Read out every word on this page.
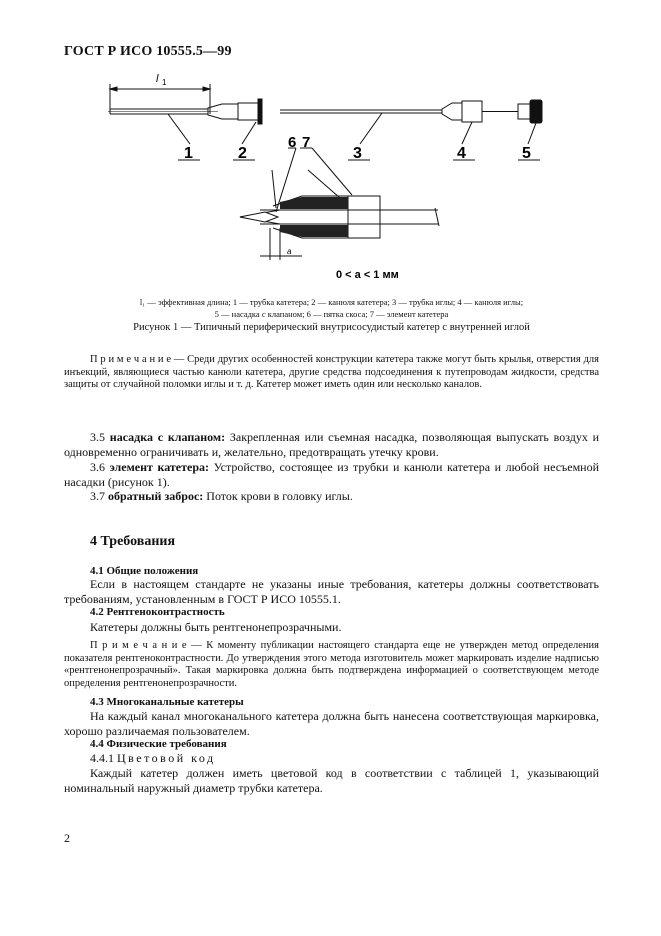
ГОСТ Р ИСО 10555.5—99
l 1
1	2	3	4	5
6 7
a
0 < a < 1 мм
l₁ — эффективная длина; 1 — трубка катетера; 2 — канюля катетера; 3 — трубка иглы; 4 — канюля иглы;
5 — насадка с клапаном; 6 — пятка скоса; 7 — элемент катетера
Рисунок 1 — Типичный периферический внутрисосудистый катетер с внутренней иглой
П р и м е ч а н и е — Среди других особенностей конструкции катетера также могут быть крылья, отверстия для инъекций, являющиеся частью канюли катетера, другие средства подсоединения к путепроводам жидкости, средства защиты от случайной поломки иглы и т. д. Катетер может иметь один или несколько каналов.
3.5 насадка с клапаном: Закрепленная или съемная насадка, позволяющая выпускать воздух и одновременно ограничивать и, желательно, предотвращать утечку крови.
3.6 элемент катетера: Устройство, состоящее из трубки и канюли катетера и любой несъемной насадки (рисунок 1).
3.7 обратный заброс: Поток крови в головку иглы.
4 Требования
4.1 Общие положения
Если в настоящем стандарте не указаны иные требования, катетеры должны соответствовать требованиям, установленным в ГОСТ Р ИСО 10555.1.
4.2 Рентгеноконтрастность
Катетеры должны быть рентгенонепрозрачными.
П р и м е ч а н и е — К моменту публикации настоящего стандарта еще не утвержден метод определения показателя рентгеноконтрастности. До утверждения этого метода изготовитель может маркировать изделие надписью «рентгенонепрозрачный». Такая маркировка должна быть подтверждена информацией о соответствующем методе определения рентгенонепрозрачности.
4.3 Многоканальные катетеры
На каждый канал многоканального катетера должна быть нанесена соответствующая маркировка, хорошо различаемая пользователем.
4.4 Физические требования
4.4.1 Цветовой код
Каждый катетер должен иметь цветовой код в соответствии с таблицей 1, указывающий номинальный наружный диаметр трубки катетера.
2
